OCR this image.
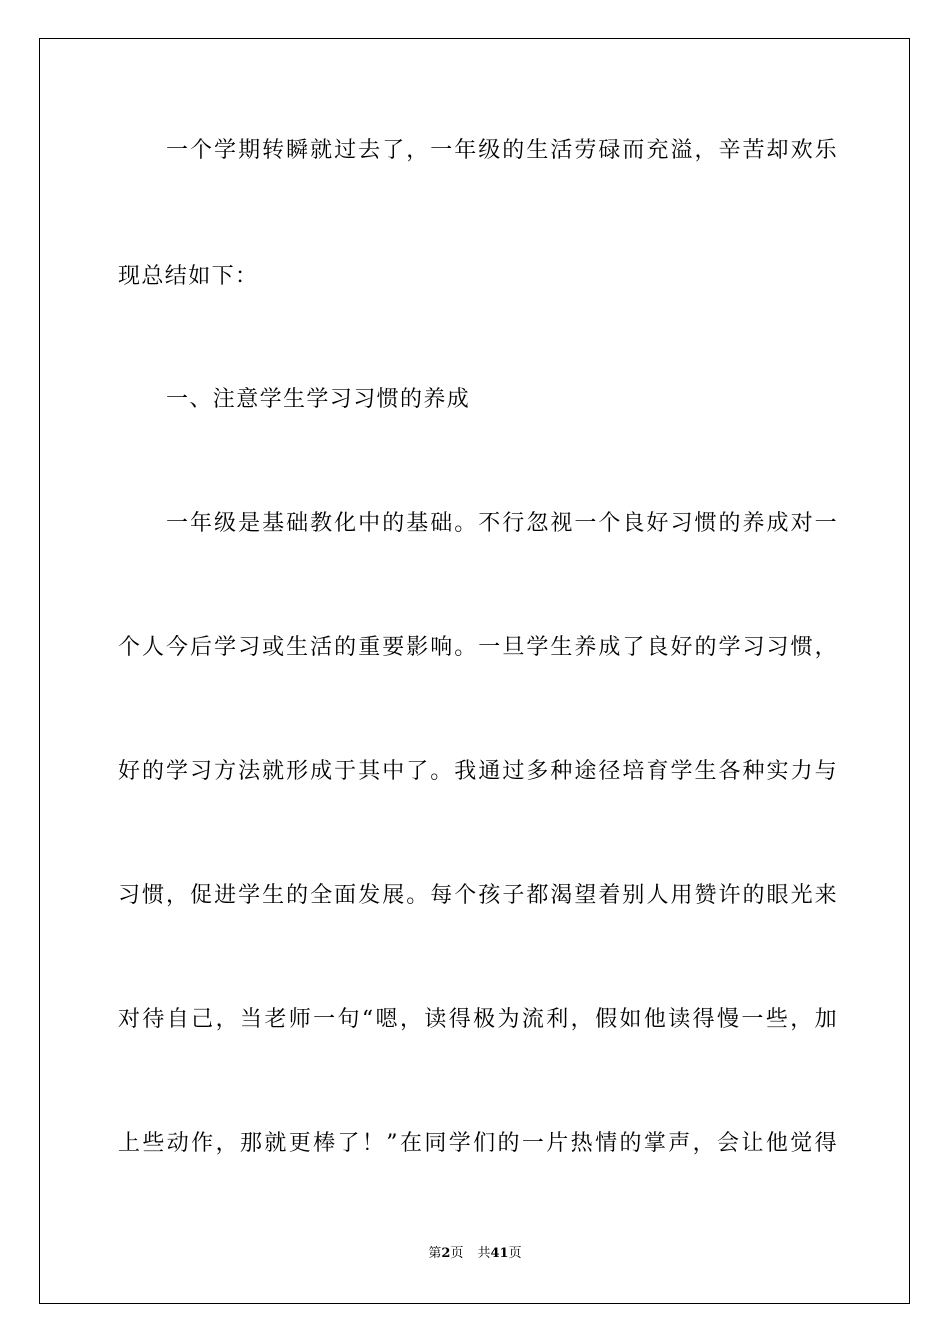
一个学期转瞬就过去了，一年级的生活劳碌而充溢，辛苦却欢乐
现总结如下：
一、注意学生学习习惯的养成
一年级是基础教化中的基础。不行忽视一个良好习惯的养成对一
个人今后学习或生活的重要影响。一旦学生养成了良好的学习习惯，
好的学习方法就形成于其中了。我通过多种途径培育学生各种实力与
习惯，促进学生的全面发展。每个孩子都渴望着别人用赞许的眼光来
对待自己，当老师一句“嗯，读得极为流利，假如他读得慢一些，加
上些动作，那就更棒了！”在同学们的一片热情的掌声，会让他觉得
第2页 共41页
